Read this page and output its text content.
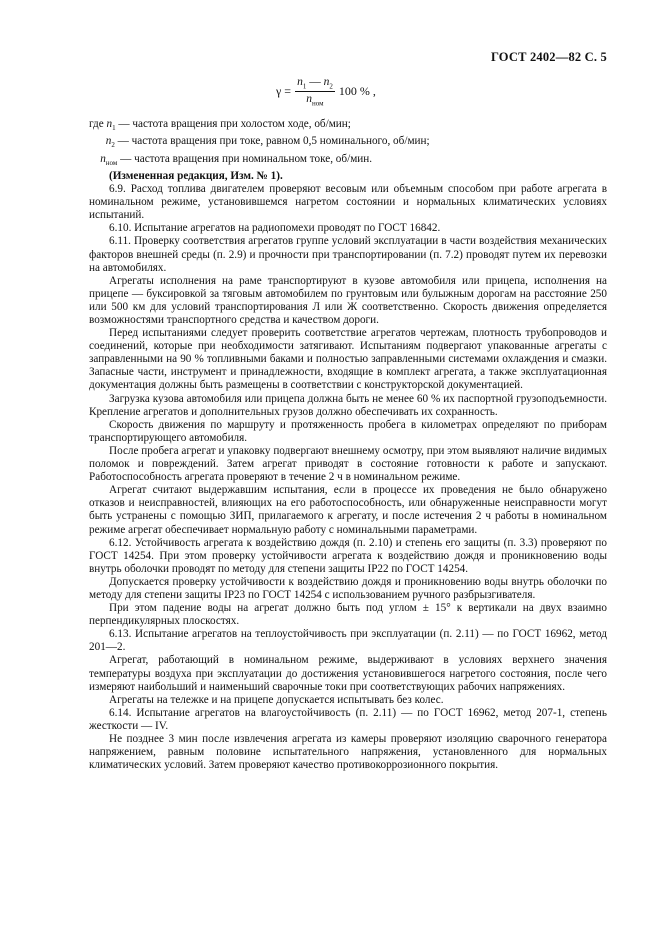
ГОСТ 2402—82 С. 5
$\gamma = \frac{n_1 — n_2}{n_{ном}} 100$ % ,

где $n_1$ — частота вращения при холостом ходе, об/мин;

$n_2$ — частота вращения при токе, равном 0,5 номинального, об/мин;

$n_{ном}$ — частота вращения при номинальном токе, об/мин.

(Измененная редакция, Изм. № 1).

6.9. Расход топлива двигателем проверяют весовым или объемным способом при работе агрегата в номинальном режиме, установившемся нагретом состоянии и нормальных климатических условиях испытаний.

6.10. Испытание агрегатов на радиопомехи проводят по ГОСТ 16842.

6.11. Проверку соответствия агрегатов группе условий эксплуатации в части воздействия механических факторов внешней среды (п. 2.9) и прочности при транспортировании (п. 7.2) проводят путем их перевозки на автомобилях.

Агрегаты исполнения на раме транспортируют в кузове автомобиля или прицепа, исполнения на прицепе — буксировкой за тяговым автомобилем по грунтовым или булыжным дорогам на расстояние 250 или 500 км для условий транспортирования Л или Ж соответственно. Скорость движения определяется возможностями транспортного средства и качеством дороги.

Перед испытаниями следует проверить соответствие агрегатов чертежам, плотность трубопроводов и соединений, которые при необходимости затягивают. Испытаниям подвергают упакованные агрегаты с заправленными на 90 % топливными баками и полностью заправленными системами охлаждения и смазки. Запасные части, инструмент и принадлежности, входящие в комплект агрегата, а также эксплуатационная документация должны быть размещены в соответствии с конструкторской документацией.

Загрузка кузова автомобиля или прицепа должна быть не менее 60 % их паспортной грузоподъемности. Крепление агрегатов и дополнительных грузов должно обеспечивать их сохранность.

Скорость движения по маршруту и протяженность пробега в километрах определяют по приборам транспортирующего автомобиля.

После пробега агрегат и упаковку подвергают внешнему осмотру, при этом выявляют наличие видимых поломок и повреждений. Затем агрегат приводят в состояние готовности к работе и запускают. Работоспособность агрегата проверяют в течение 2 ч в номинальном режиме.

Агрегат считают выдержавшим испытания, если в процессе их проведения не было обнаружено отказов и неисправностей, влияющих на его работоспособность, или обнаруженные неисправности могут быть устранены с помощью ЗИП, прилагаемого к агрегату, и после истечения 2 ч работы в номинальном режиме агрегат обеспечивает нормальную работу с номинальными параметрами.

6.12. Устойчивость агрегата к воздействию дождя (п. 2.10) и степень его защиты (п. 3.3) проверяют по ГОСТ 14254. При этом проверку устойчивости агрегата к воздействию дождя и проникновению воды внутрь оболочки проводят по методу для степени защиты IP22 по ГОСТ 14254.

Допускается проверку устойчивости к воздействию дождя и проникновению воды внутрь оболочки по методу для степени защиты IP23 по ГОСТ 14254 с использованием ручного разбрызгивателя.

При этом падение воды на агрегат должно быть под углом ± 15° к вертикали на двух взаимно перпендикулярных плоскостях.

6.13. Испытание агрегатов на теплоустойчивость при эксплуатации (п. 2.11) — по ГОСТ 16962, метод 201—2.

Агрегат, работающий в номинальном режиме, выдерживают в условиях верхнего значения температуры воздуха при эксплуатации до достижения установившегося нагретого состояния, после чего измеряют наибольший и наименьший сварочные токи при соответствующих рабочих напряжениях.

Агрегаты на тележке и на прицепе допускается испытывать без колес.

6.14. Испытание агрегатов на влагоустойчивость (п. 2.11) — по ГОСТ 16962, метод 207-1, степень жесткости — IV.

Не позднее 3 мин после извлечения агрегата из камеры проверяют изоляцию сварочного генератора напряжением, равным половине испытательного напряжения, установленного для нормальных климатических условий. Затем проверяют качество противокоррозионного покрытия.
